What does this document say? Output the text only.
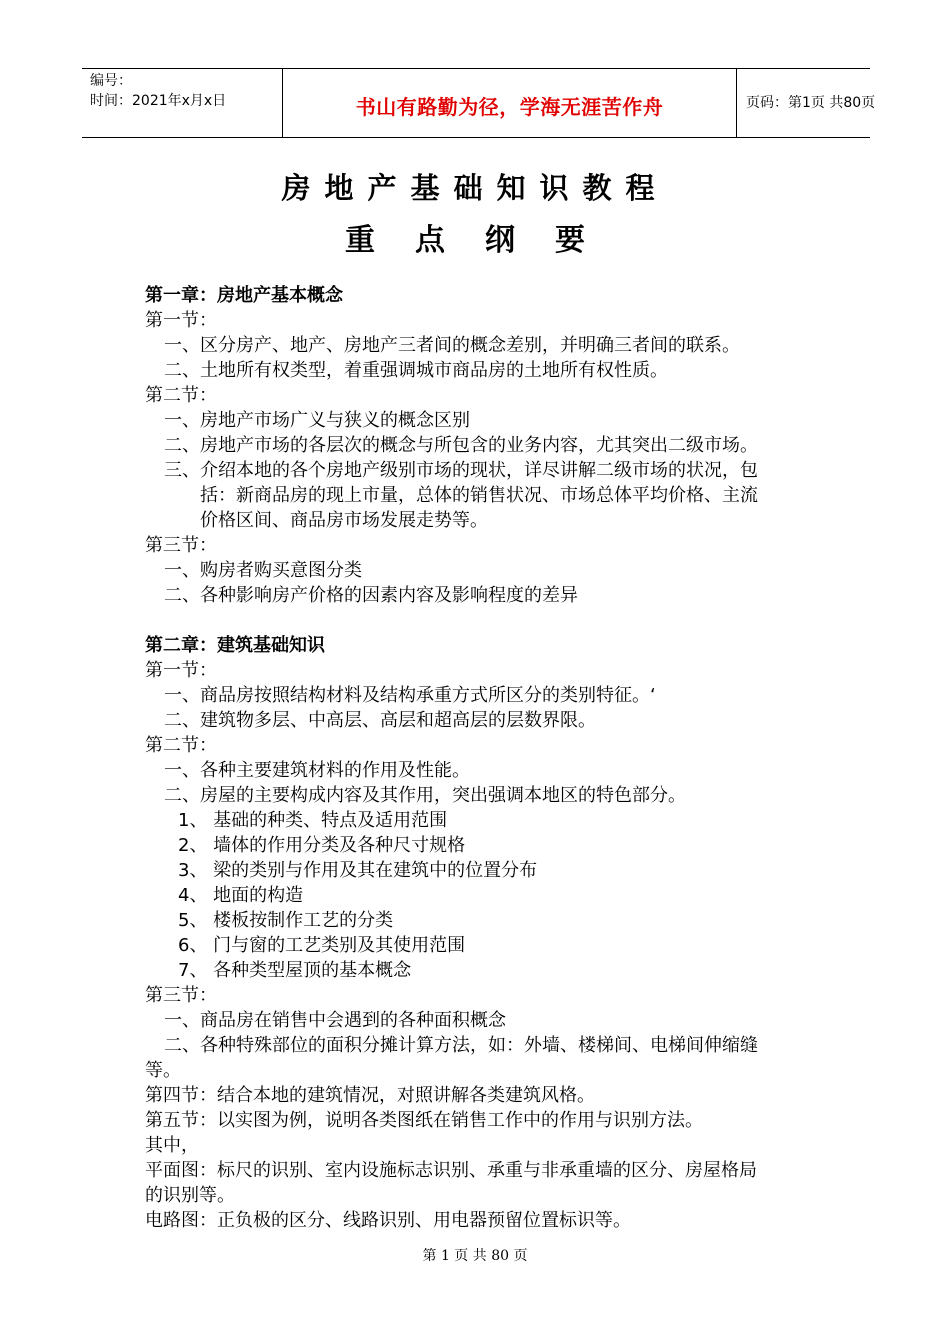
编号：
时间：2021年x月x日	书山有路勤为径，学海无涯苦作舟	页码：第1页 共80页
房地产基础知识教程
重点纲要
第一章：房地产基本概念
第一节：
一、区分房产、地产、房地产三者间的概念差别，并明确三者间的联系。
二、土地所有权类型，着重强调城市商品房的土地所有权性质。
第二节：
一、房地产市场广义与狭义的概念区别
二、房地产市场的各层次的概念与所包含的业务内容，尤其突出二级市场。
三、介绍本地的各个房地产级别市场的现状，详尽讲解二级市场的状况，包
括：新商品房的现上市量，总体的销售状况、市场总体平均价格、主流
价格区间、商品房市场发展走势等。
第三节：
一、购房者购买意图分类
二、各种影响房产价格的因素内容及影响程度的差异
第二章：建筑基础知识
第一节：
一、商品房按照结构材料及结构承重方式所区分的类别特征。‘
二、建筑物多层、中高层、高层和超高层的层数界限。
第二节：
一、各种主要建筑材料的作用及性能。
二、房屋的主要构成内容及其作用，突出强调本地区的特色部分。
1、 基础的种类、特点及适用范围
2、 墙体的作用分类及各种尺寸规格
3、 梁的类别与作用及其在建筑中的位置分布
4、 地面的构造
5、 楼板按制作工艺的分类
6、 门与窗的工艺类别及其使用范围
7、 各种类型屋顶的基本概念
第三节：
一、商品房在销售中会遇到的各种面积概念
二、各种特殊部位的面积分摊计算方法，如：外墙、楼梯间、电梯间伸缩缝
等。
第四节：结合本地的建筑情况，对照讲解各类建筑风格。
第五节：以实图为例，说明各类图纸在销售工作中的作用与识别方法。
其中，
平面图：标尺的识别、室内设施标志识别、承重与非承重墙的区分、房屋格局
的识别等。
电路图：正负极的区分、线路识别、用电器预留位置标识等。
第 1 页 共 80 页
